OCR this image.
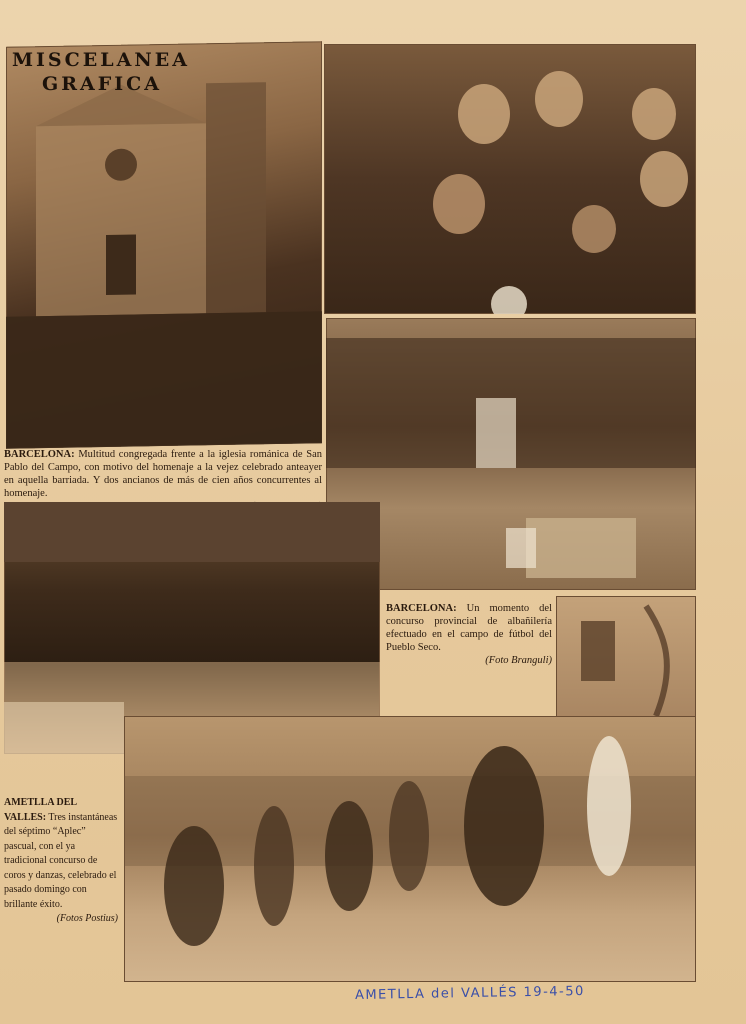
MISCELANEA
GRAFICA
BARCELONA: Multitud congregada frente a la iglesia románica de San Pablo del Campo, con motivo del homenaje a la vejez celebrado anteayer en aquella barriada. Y dos ancianos de más de cien años concurrentes al homenaje.
BARCELONA: Un momento del concurso provincial de albañilería efectuado en el campo de fútbol del Pueblo Seco.
(Foto Branguli)
AMETLLA DEL VALLES: Tres instantáneas del séptimo “Aplec” pascual, con el ya tradicional concurso de coros y danzas, celebrado el pasado domingo con brillante éxito.
(Fotos Postius)
AMETLLA del VALLÉS 19-4-50
